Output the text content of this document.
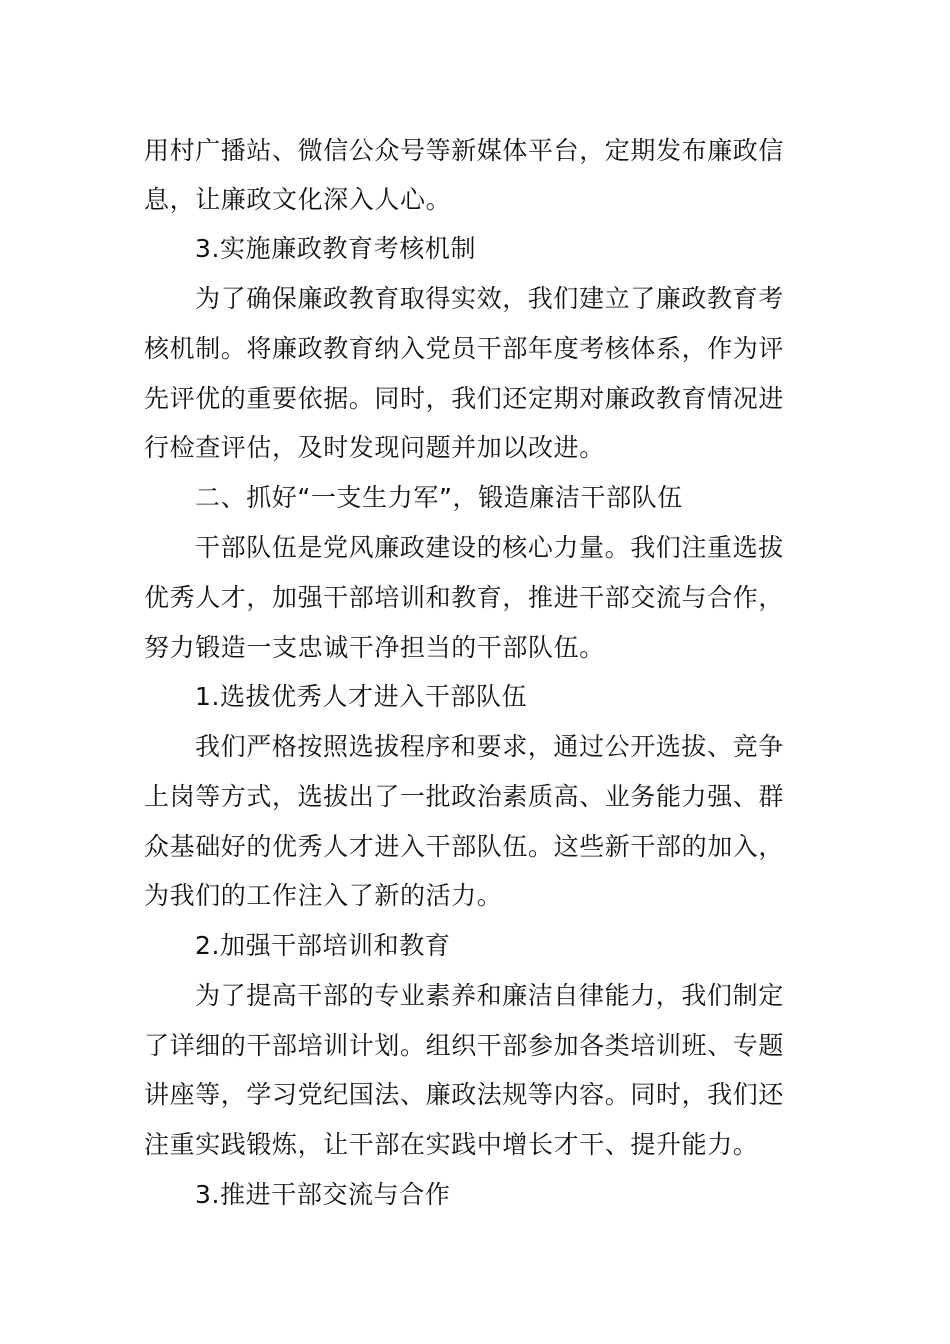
用村广播站、微信公众号等新媒体平台，定期发布廉政信
息，让廉政文化深入人心。
3.实施廉政教育考核机制
为了确保廉政教育取得实效，我们建立了廉政教育考
核机制。将廉政教育纳入党员干部年度考核体系，作为评
先评优的重要依据。同时，我们还定期对廉政教育情况进
行检查评估，及时发现问题并加以改进。
二、抓好“一支生力军”，锻造廉洁干部队伍
干部队伍是党风廉政建设的核心力量。我们注重选拔
优秀人才，加强干部培训和教育，推进干部交流与合作，
努力锻造一支忠诚干净担当的干部队伍。
1.选拔优秀人才进入干部队伍
我们严格按照选拔程序和要求，通过公开选拔、竞争
上岗等方式，选拔出了一批政治素质高、业务能力强、群
众基础好的优秀人才进入干部队伍。这些新干部的加入，
为我们的工作注入了新的活力。
2.加强干部培训和教育
为了提高干部的专业素养和廉洁自律能力，我们制定
了详细的干部培训计划。组织干部参加各类培训班、专题
讲座等，学习党纪国法、廉政法规等内容。同时，我们还
注重实践锻炼，让干部在实践中增长才干、提升能力。
3.推进干部交流与合作
